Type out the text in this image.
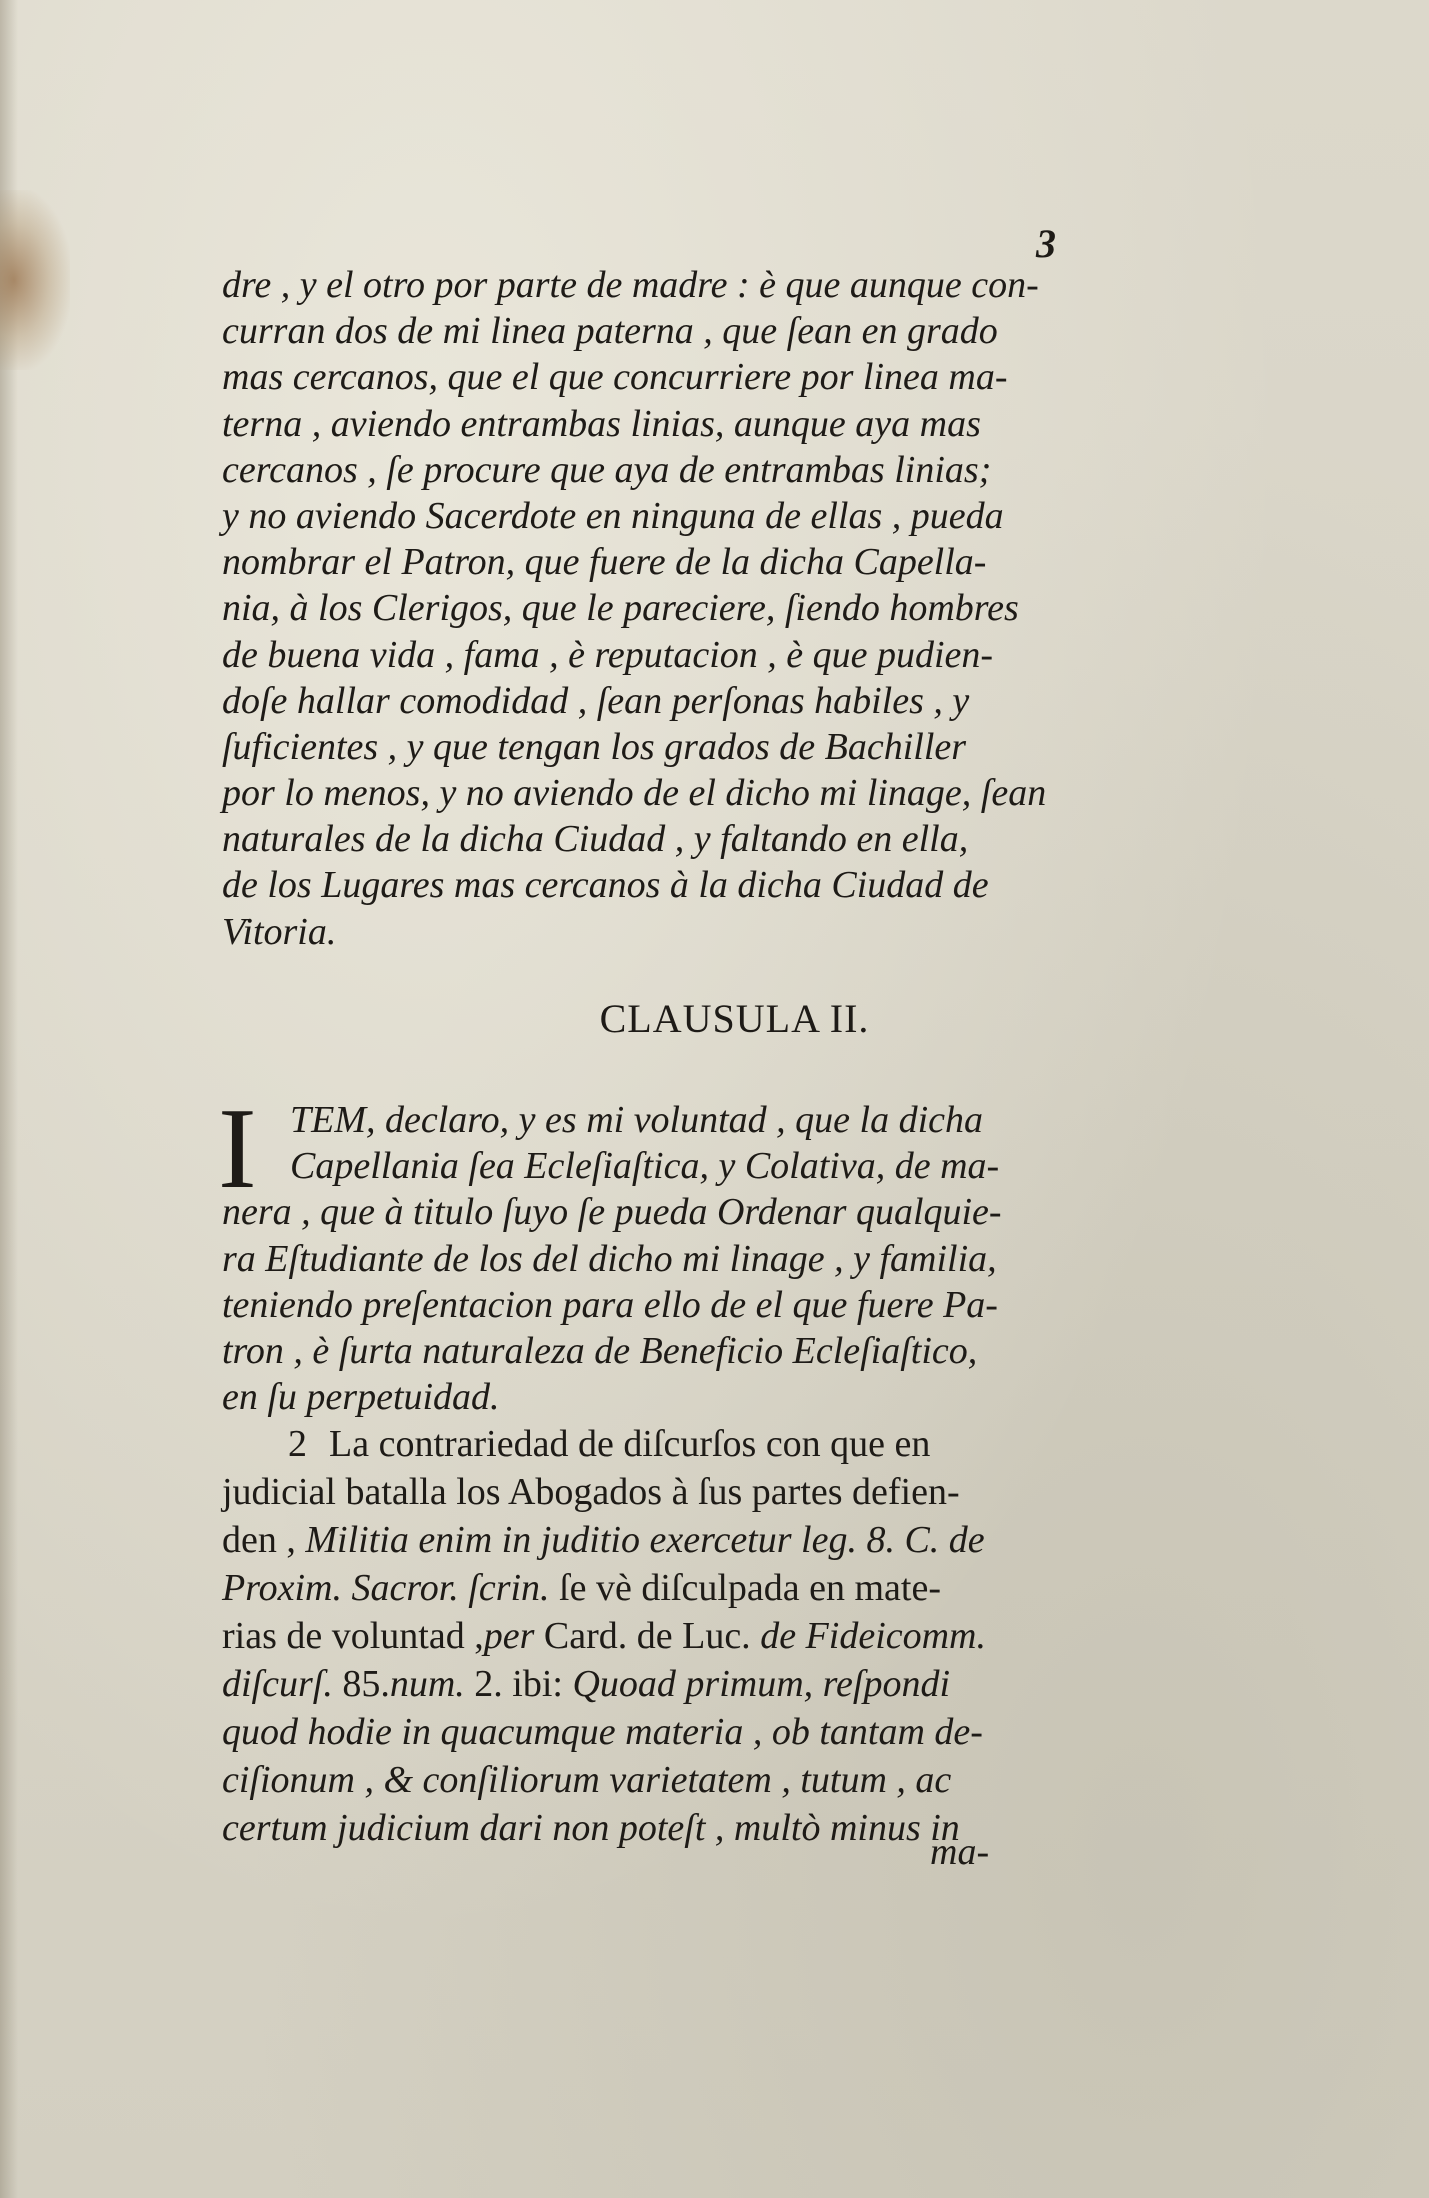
3
dre , y el otro por parte de madre : è que aunque con-
curran dos de mi linea paterna , que ſean en grado
mas cercanos, que el que concurriere por linea ma-
terna , aviendo entrambas linias, aunque aya mas
cercanos , ſe procure que aya de entrambas linias;
y no aviendo Sacerdote en ninguna de ellas , pueda
nombrar el Patron, que fuere de la dicha Capella-
nia, à los Clerigos, que le pareciere, ſiendo hombres
de buena vida , fama , è reputacion , è que pudien-
doſe hallar comodidad , ſean perſonas habiles , y
ſuficientes , y que tengan los grados de Bachiller
por lo menos, y no aviendo de el dicho mi linage, ſean
naturales de la dicha Ciudad , y faltando en ella,
de los Lugares mas cercanos à la dicha Ciudad de
Vitoria.
CLAUSULA II.
I TEM, declaro, y es mi voluntad , que la dicha
Capellania ſea Ecleſiaſtica, y Colativa, de ma-
nera , que à titulo ſuyo ſe pueda Ordenar qualquie-
ra Eſtudiante de los del dicho mi linage , y familia,
teniendo preſentacion para ello de el que fuere Pa-
tron , è ſurta naturaleza de Beneficio Ecleſiaſtico,
en ſu perpetuidad.
2 La contrariedad de diſcurſos con que en
judicial batalla los Abogados à ſus partes defien-
den , Militia enim in juditio exercetur leg. 8. C. de
Proxim. Sacror. ſcrin. ſe vè diſculpada en mate-
rias de voluntad ,per Card. de Luc. de Fideicomm.
diſcurſ. 85.num. 2. ibi: Quoad primum, reſpondi
quod hodie in quacumque materia , ob tantam de-
ciſionum , & conſiliorum varietatem , tutum , ac
certum judicium dari non poteſt , multò minus in
ma-
